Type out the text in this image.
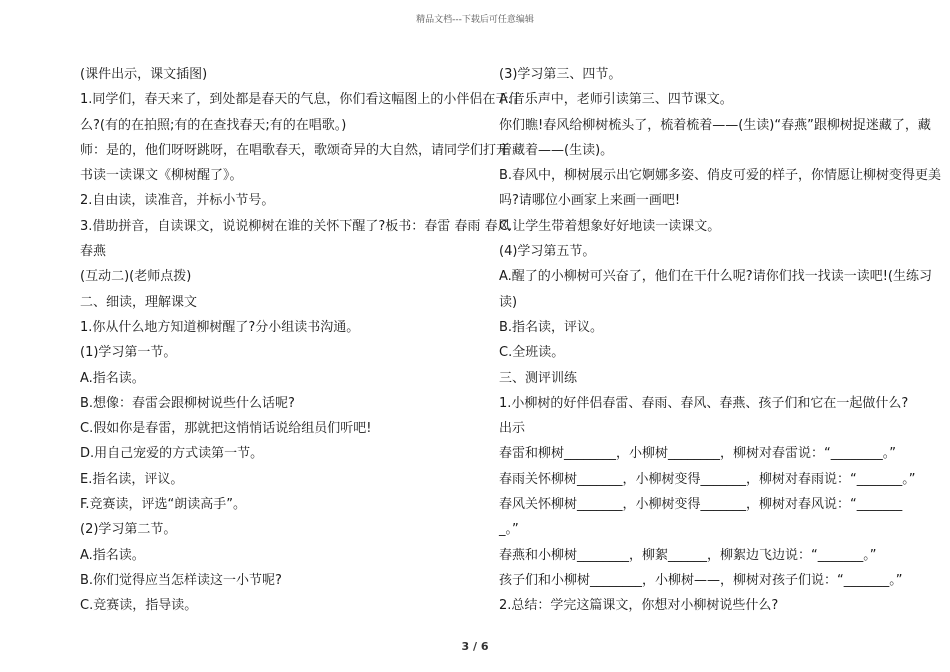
精品文档---下载后可任意编辑
(课件出示，课文插图)
1.同学们，春天来了，到处都是春天的气息，你们看这幅图上的小伴侣在干什
么?(有的在拍照;有的在查找春天;有的在唱歌。)
师：是的，他们呀呀跳呀，在唱歌春天，歌颂奇异的大自然，请同学们打开
书读一读课文《柳树醒了》。
2.自由读，读准音，并标小节号。
3.借助拼音，自读课文，说说柳树在谁的关怀下醒了?板书：春雷 春雨 春风
春燕
(互动二)(老师点拨)
二、细读，理解课文
1.你从什么地方知道柳树醒了?分小组读书沟通。
(1)学习第一节。
A.指名读。
B.想像：春雷会跟柳树说些什么话呢?
C.假如你是春雷，那就把这悄悄话说给组员们听吧!
D.用自己宠爱的方式读第一节。
E.指名读，评议。
F.竞赛读，评选“朗读高手”。
(2)学习第二节。
A.指名读。
B.你们觉得应当怎样读这一小节呢?
C.竞赛读，指导读。
(3)学习第三、四节。
A.音乐声中，老师引读第三、四节课文。
你们瞧!春风给柳树梳头了，梳着梳着——(生读)“春燕”跟柳树捉迷藏了，藏
着藏着——(生读)。
B.春风中，柳树展示出它婀娜多姿、俏皮可爱的样子，你情愿让柳树变得更美
吗?请哪位小画家上来画一画吧!
C.让学生带着想象好好地读一读课文。
(4)学习第五节。
A.醒了的小柳树可兴奋了，他们在干什么呢?请你们找一找读一读吧!(生练习
读)
B.指名读，评议。
C.全班读。
三、测评训练
1.小柳树的好伴侣春雷、春雨、春风、春燕、孩子们和它在一起做什么?
出示
春雷和柳树________，小柳树________，柳树对春雷说：“________。”
春雨关怀柳树_______，小柳树变得_______，柳树对春雨说：“_______。”
春风关怀柳树_______，小柳树变得_______，柳树对春风说：“_______
_。”
春燕和小柳树________，柳絮______，柳絮边飞边说：“_______。”
孩子们和小柳树________，小柳树——，柳树对孩子们说：“_______。”
2.总结：学完这篇课文，你想对小柳树说些什么?
3 / 6
